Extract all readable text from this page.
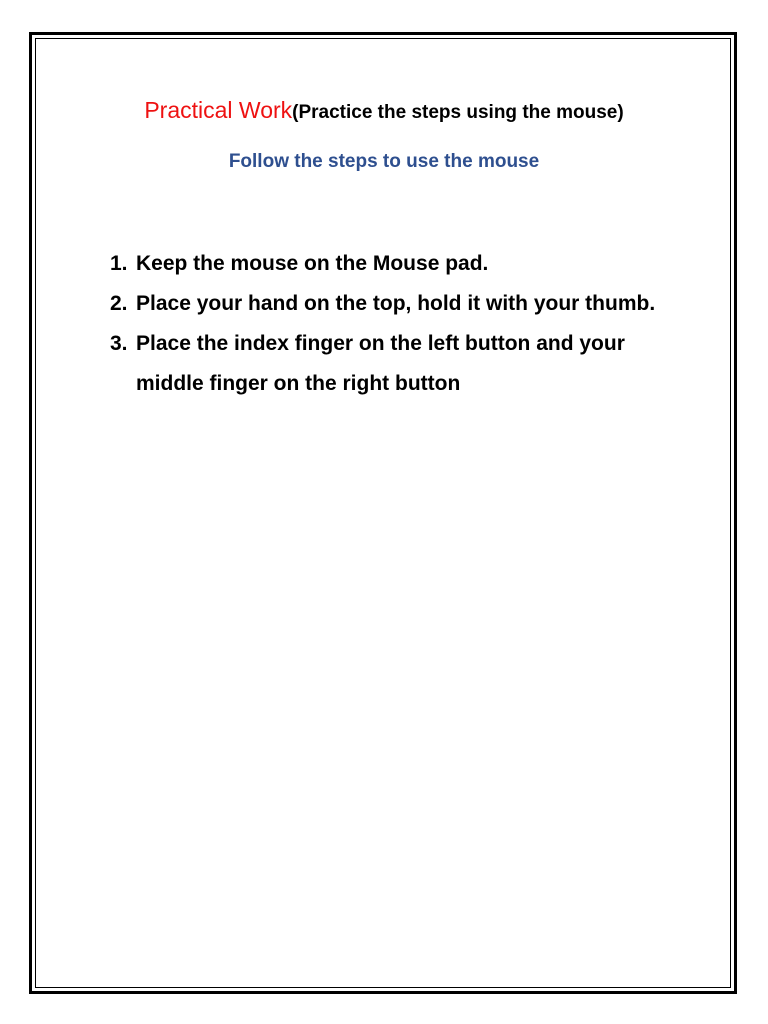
Practical Work(Practice the steps using the mouse)
Follow the steps to use the mouse
1. Keep the mouse on the Mouse pad.
2. Place your hand on the top, hold it with your thumb.
3. Place the index finger on the left button and your middle finger on the right button
